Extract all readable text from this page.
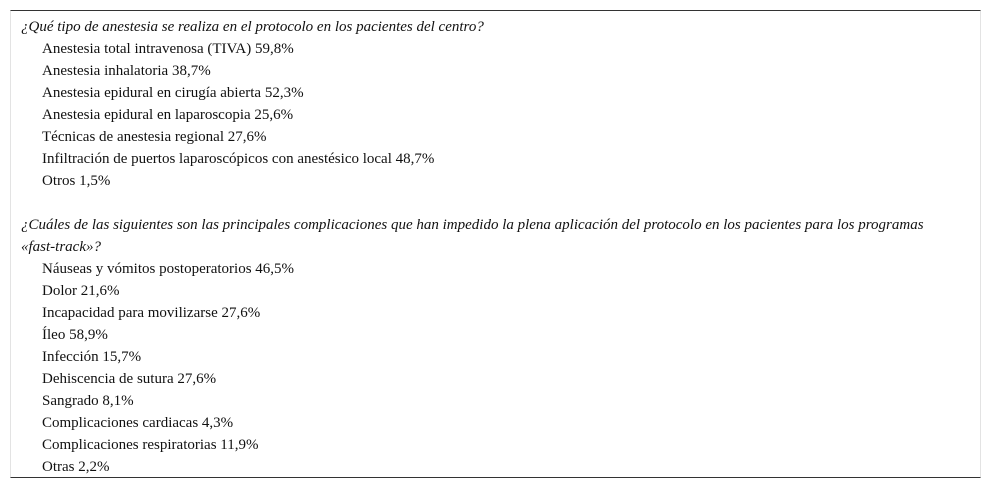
¿Qué tipo de anestesia se realiza en el protocolo en los pacientes del centro?

Anestesia total intravenosa (TIVA) 59,8%
Anestesia inhalatoria 38,7%
Anestesia epidural en cirugía abierta 52,3%
Anestesia epidural en laparoscopia 25,6%
Técnicas de anestesia regional 27,6%
Infiltración de puertos laparoscópicos con anestésico local 48,7%
Otros 1,5%

¿Cuáles de las siguientes son las principales complicaciones que han impedido la plena aplicación del protocolo en los pacientes para los programas «fast-track»?

Náuseas y vómitos postoperatorios 46,5%
Dolor 21,6%
Incapacidad para movilizarse 27,6%
Íleo 58,9%
Infección 15,7%
Dehiscencia de sutura 27,6%
Sangrado 8,1%
Complicaciones cardiacas 4,3%
Complicaciones respiratorias 11,9%
Otras 2,2%
